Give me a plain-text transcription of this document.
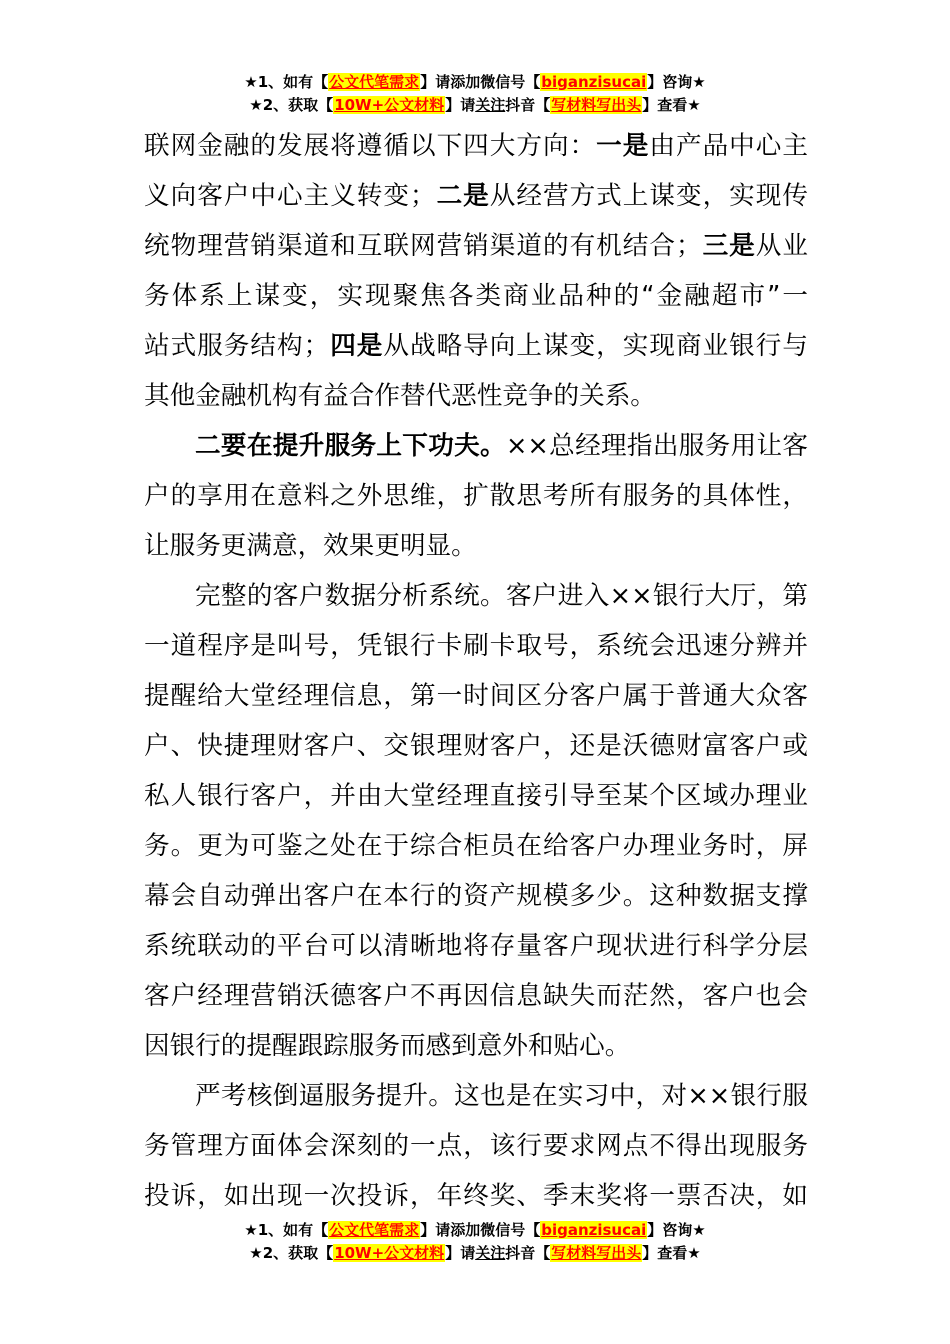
★1、如有【公文代笔需求】请添加微信号【biganzisucai】咨询★
★2、获取【10W+公文材料】请关注抖音【写材料写出头】查看★
联网金融的发展将遵循以下四大方向：一是由产品中心主
义向客户中心主义转变；二是从经营方式上谋变，实现传
统物理营销渠道和互联网营销渠道的有机结合；三是从业
务体系上谋变，实现聚焦各类商业品种的“金融超市”一
站式服务结构；四是从战略导向上谋变，实现商业银行与
其他金融机构有益合作替代恶性竞争的关系。
二要在提升服务上下功夫。××总经理指出服务用让客
户的享用在意料之外思维，扩散思考所有服务的具体性，
让服务更满意，效果更明显。
完整的客户数据分析系统。客户进入××银行大厅，第
一道程序是叫号，凭银行卡刷卡取号，系统会迅速分辨并
提醒给大堂经理信息，第一时间区分客户属于普通大众客
户、快捷理财客户、交银理财客户，还是沃德财富客户或
私人银行客户，并由大堂经理直接引导至某个区域办理业
务。更为可鉴之处在于综合柜员在给客户办理业务时，屏
幕会自动弹出客户在本行的资产规模多少。这种数据支撑
系统联动的平台可以清晰地将存量客户现状进行科学分层
客户经理营销沃德客户不再因信息缺失而茫然，客户也会
因银行的提醒跟踪服务而感到意外和贴心。
严考核倒逼服务提升。这也是在实习中，对××银行服
务管理方面体会深刻的一点，该行要求网点不得出现服务
投诉，如出现一次投诉，年终奖、季末奖将一票否决，如
★1、如有【公文代笔需求】请添加微信号【biganzisucai】咨询★
★2、获取【10W+公文材料】请关注抖音【写材料写出头】查看★
